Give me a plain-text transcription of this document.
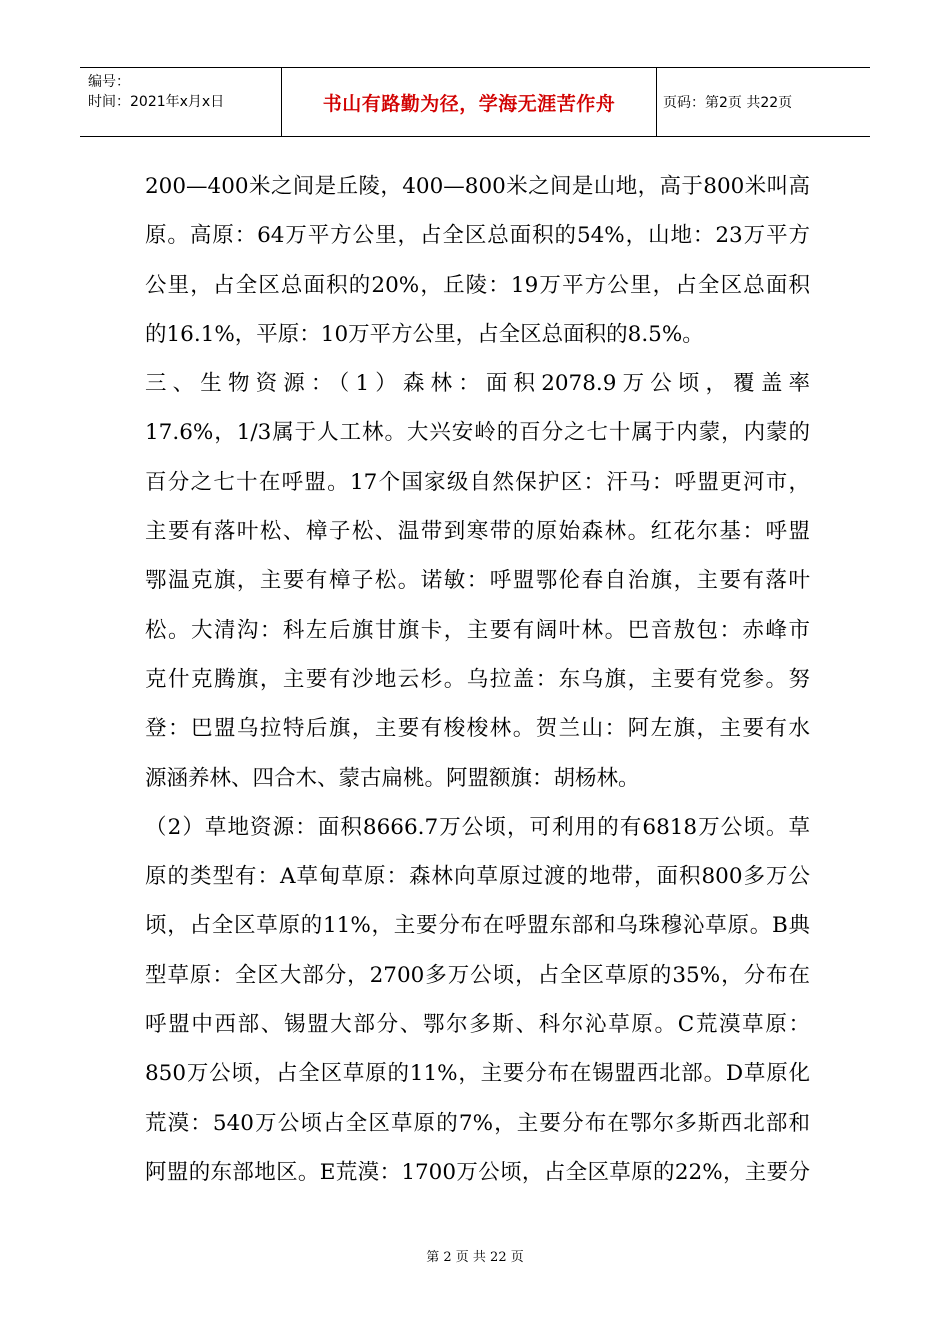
编号：
时间：2021年x月x日	书山有路勤为径，学海无涯苦作舟	页码：第2页 共22页
200—400米之间是丘陵，400—800米之间是山地，高于800米叫高
原。高原：64万平方公里，占全区总面积的54%，山地：23万平方
公里，占全区总面积的20%，丘陵：19万平方公里，占全区总面积
的16.1%，平原：10万平方公里，占全区总面积的8.5%。
三、生物资源：（1）森林：面积2078.9万公顷，覆盖率
17.6%，1/3属于人工林。大兴安岭的百分之七十属于内蒙，内蒙的
百分之七十在呼盟。17个国家级自然保护区：汗马：呼盟更河市，
主要有落叶松、樟子松、温带到寒带的原始森林。红花尔基：呼盟
鄂温克旗，主要有樟子松。诺敏：呼盟鄂伦春自治旗，主要有落叶
松。大清沟：科左后旗甘旗卡，主要有阔叶林。巴音敖包：赤峰市
克什克腾旗，主要有沙地云杉。乌拉盖：东乌旗，主要有党参。努
登：巴盟乌拉特后旗，主要有梭梭林。贺兰山：阿左旗，主要有水
源涵养林、四合木、蒙古扁桃。阿盟额旗：胡杨林。
（2）草地资源：面积8666.7万公顷，可利用的有6818万公顷。草
原的类型有：A草甸草原：森林向草原过渡的地带，面积800多万公
顷，占全区草原的11%，主要分布在呼盟东部和乌珠穆沁草原。B典
型草原：全区大部分，2700多万公顷，占全区草原的35%，分布在
呼盟中西部、锡盟大部分、鄂尔多斯、科尔沁草原。C荒漠草原：
850万公顷，占全区草原的11%，主要分布在锡盟西北部。D草原化
荒漠：540万公顷占全区草原的7%，主要分布在鄂尔多斯西北部和
阿盟的东部地区。E荒漠：1700万公顷，占全区草原的22%，主要分
第 2 页 共 22 页
